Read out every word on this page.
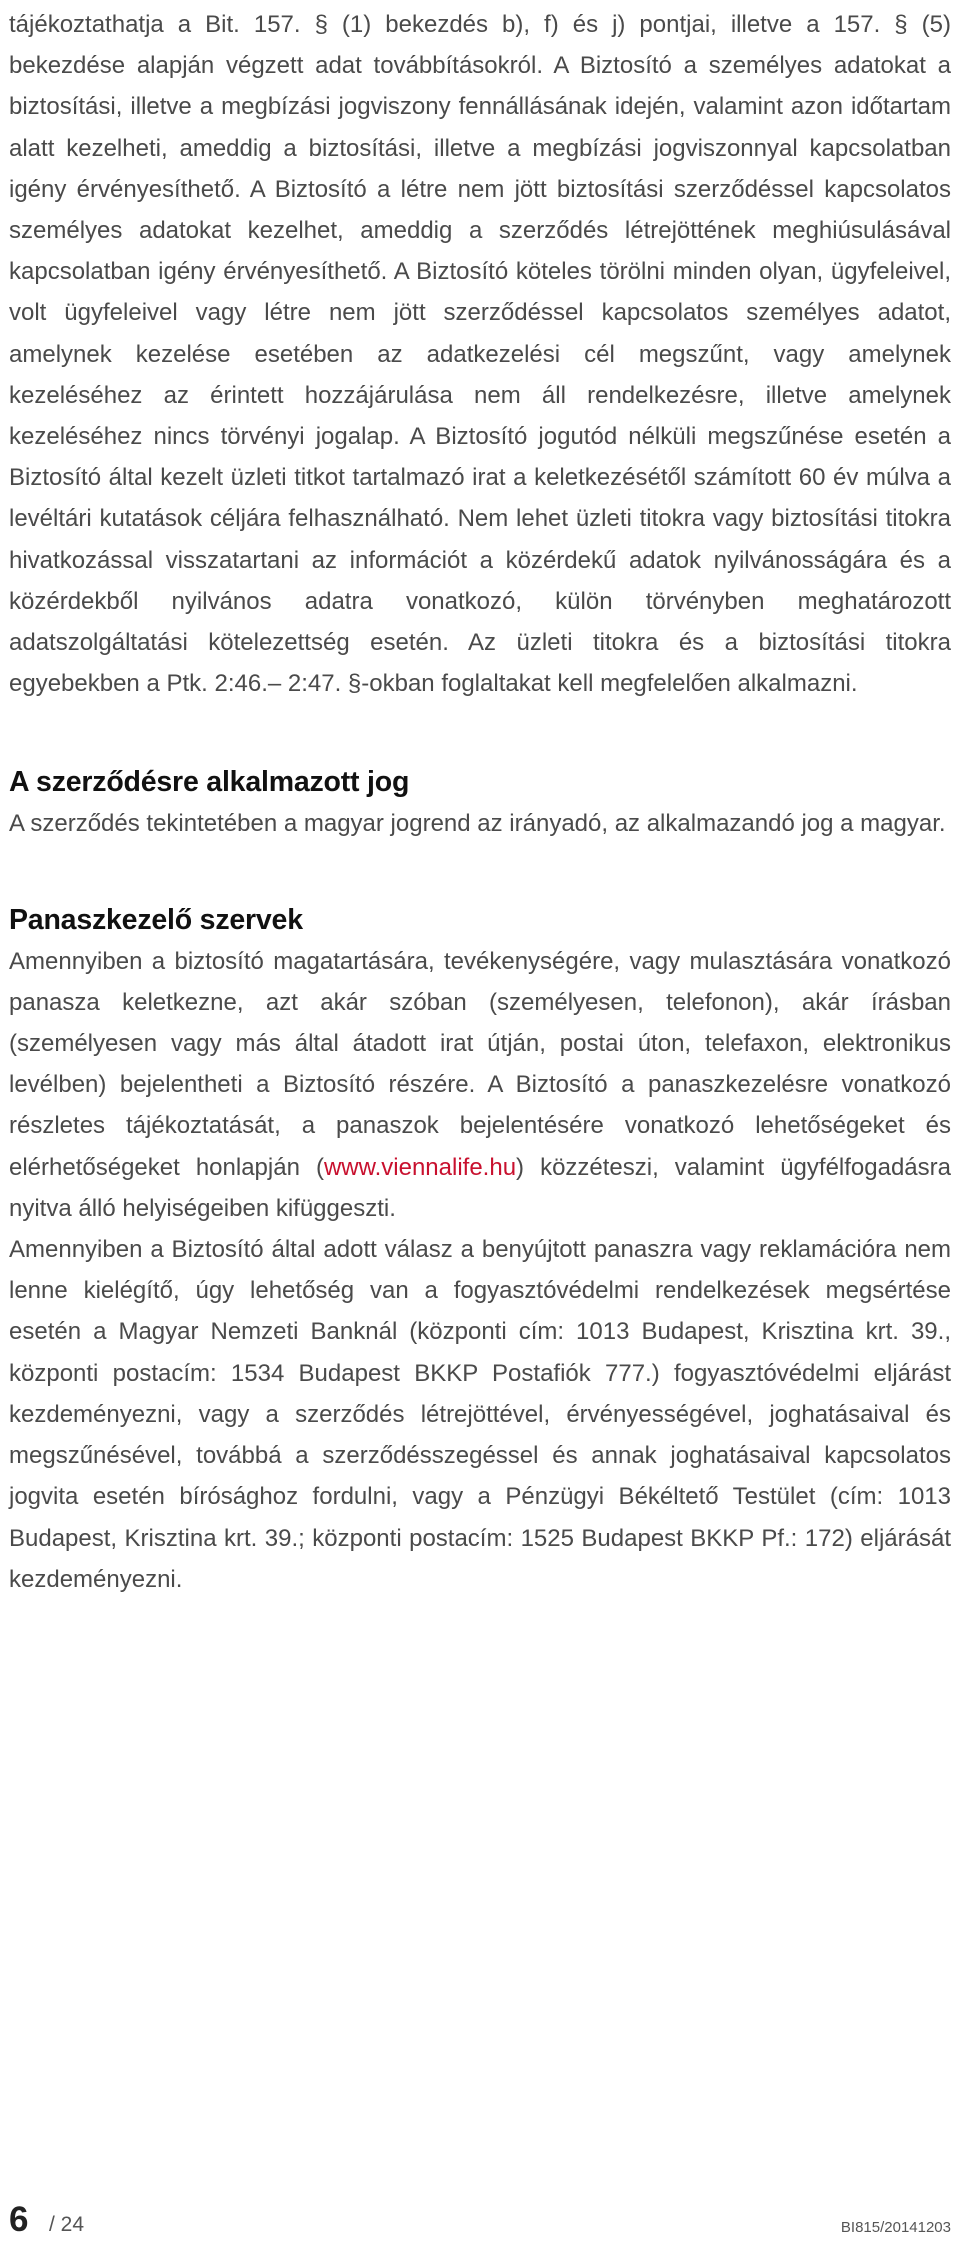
tájékoztathatja a Bit. 157. § (1) bekezdés b), f) és j) pontjai, illetve a 157. § (5) bekezdése alapján végzett adat továbbításokról. A Biztosító a személyes adatokat a biztosítási, illetve a megbízási jogviszony fennállásának idején, valamint azon időtartam alatt kezelheti, ameddig a biztosítási, illetve a megbízási jogviszonnyal kapcsolatban igény érvényesíthető. A Biztosító a létre nem jött biztosítási szerződéssel kapcsolatos személyes adatokat kezelhet, ameddig a szerződés létrejöttének meghiúsulásával kapcsolatban igény érvényesíthető. A Biztosító köteles törölni minden olyan, ügyfeleivel, volt ügyfeleivel vagy létre nem jött szerződéssel kapcsolatos személyes adatot, amelynek kezelése esetében az adatkezelési cél megszűnt, vagy amelynek kezeléséhez az érintett hozzájárulása nem áll rendelkezésre, illetve amelynek kezeléséhez nincs törvényi jogalap. A Biztosító jogutód nélküli megszűnése esetén a Biztosító által kezelt üzleti titkot tartalmazó irat a keletkezésétől számított 60 év múlva a levéltári kutatások céljára felhasználható. Nem lehet üzleti titokra vagy biztosítási titokra hivatkozással visszatartani az információt a közérdekű adatok nyilvánosságára és a közérdekből nyilvános adatra vonatkozó, külön törvényben meghatározott adatszolgáltatási kötelezettség esetén. Az üzleti titokra és a biztosítási titokra egyebekben a Ptk. 2:46.– 2:47. §-okban foglaltakat kell megfelelően alkalmazni.

A szerződésre alkalmazott jog

A szerződés tekintetében a magyar jogrend az irányadó, az alkalmazandó jog a magyar.

Panaszkezelő szervek

Amennyiben a biztosító magatartására, tevékenységére, vagy mulasztására vonatkozó panasza keletkezne, azt akár szóban (személyesen, telefonon), akár írásban (személyesen vagy más által átadott irat útján, postai úton, telefaxon, elektronikus levélben) bejelentheti a Biztosító részére. A Biztosító a panaszkezelésre vonatkozó részletes tájékoztatását, a panaszok bejelentésére vonatkozó lehetőségeket és elérhetőségeket honlapján (www.viennalife.hu) közzéteszi, valamint ügyfélfogadásra nyitva álló helyiségeiben kifüggeszti.

Amennyiben a Biztosító által adott válasz a benyújtott panaszra vagy reklamációra nem lenne kielégítő, úgy lehetőség van a fogyasztóvédelmi rendelkezések megsértése esetén a Magyar Nemzeti Banknál (központi cím: 1013 Budapest, Krisztina krt. 39., központi postacím: 1534 Budapest BKKP Postafiók 777.) fogyasztóvédelmi eljárást kezdeményezni, vagy a szerződés létrejöttével, érvényességével, joghatásaival és megszűnésével, továbbá a szerződésszegéssel és annak joghatásaival kapcsolatos jogvita esetén bírósághoz fordulni, vagy a Pénzügyi Békéltető Testület (cím: 1013 Budapest, Krisztina krt. 39.; központi postacím: 1525 Budapest BKKP Pf.: 172) eljárását kezdeményezni.

6 / 24	BI815/20141203
